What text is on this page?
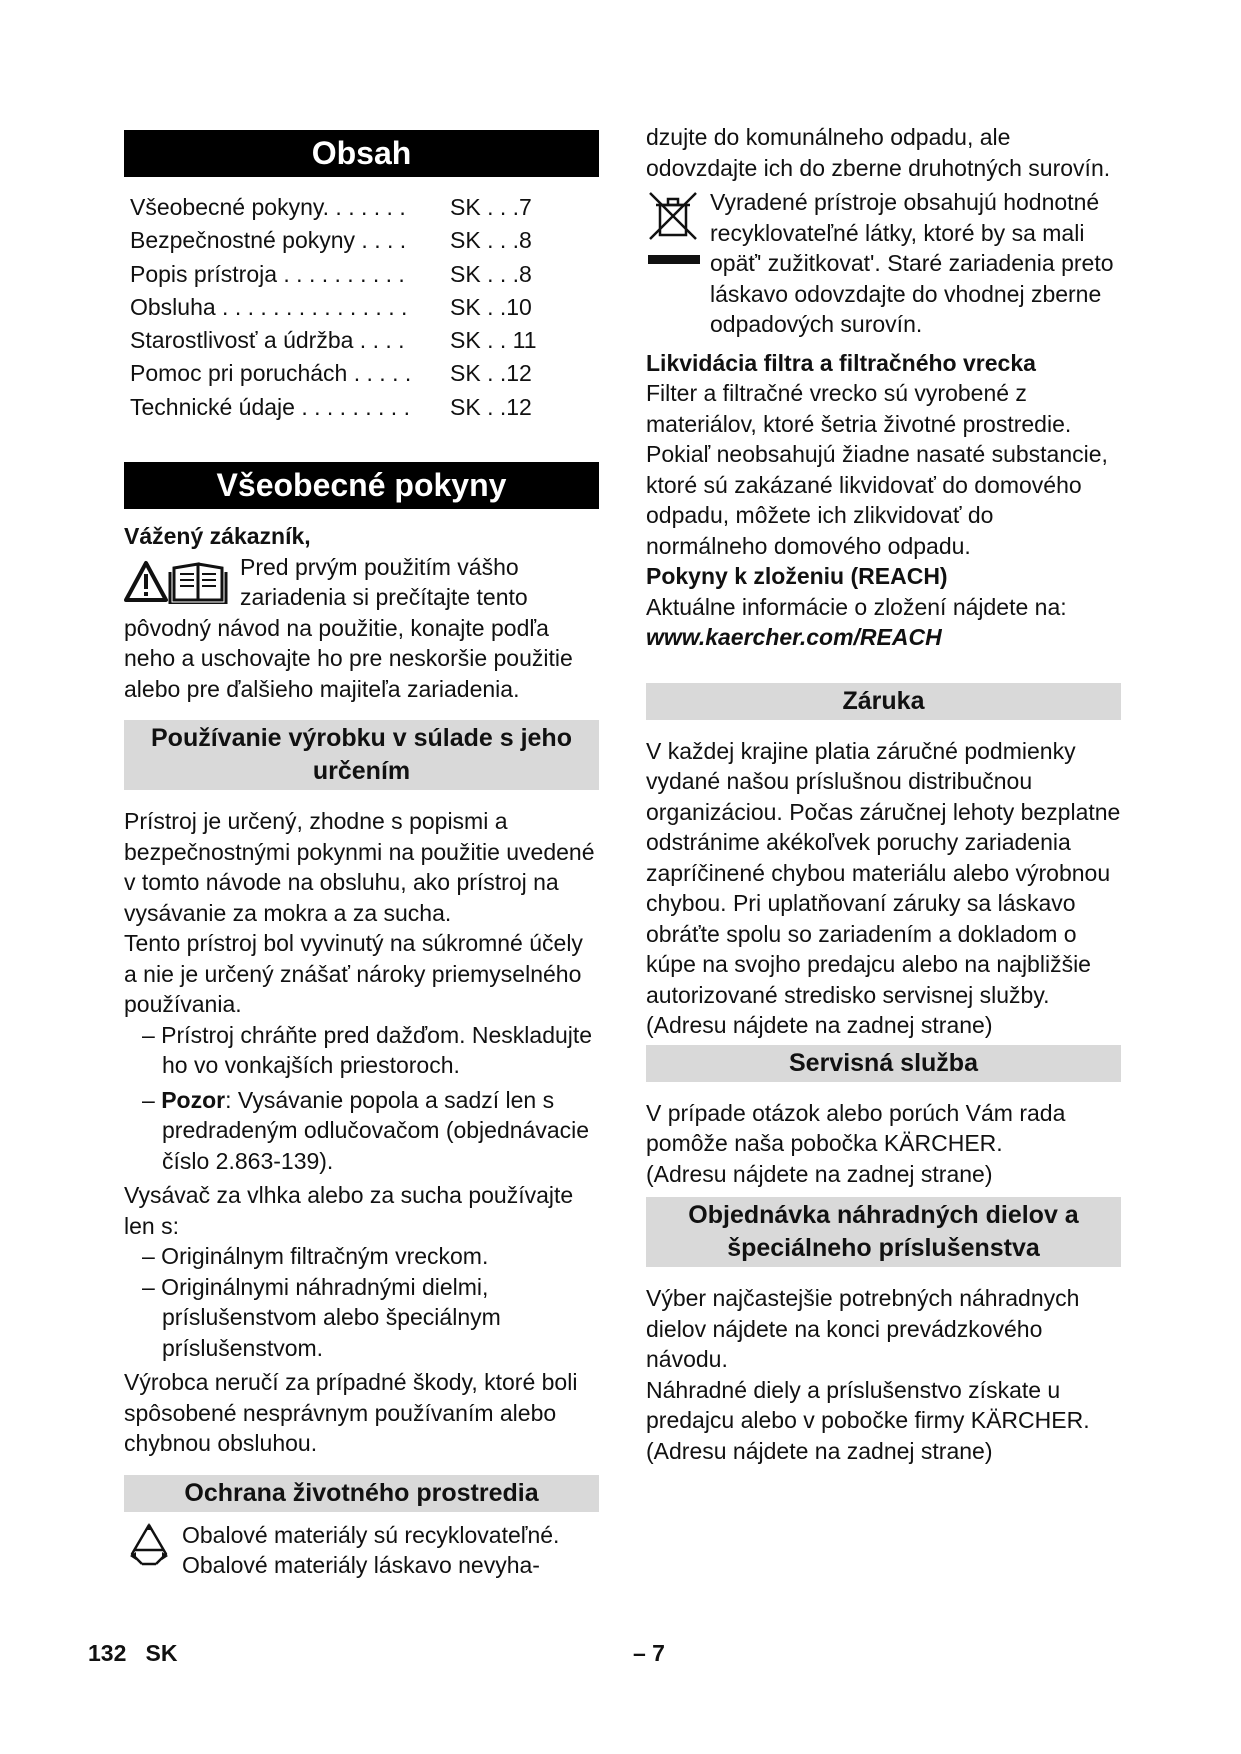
Obsah
Všeobecné pokyny. . . . . . .	SK . . .7
Bezpečnostné pokyny . . . .	SK . . .8
Popis prístroja . . . . . . . . . .	SK . . .8
Obsluha . . . . . . . . . . . . . . .	SK . .10
Starostlivosť a údržba . . . .	SK . . 11
Pomoc pri poruchách . . . . .	SK . .12
Technické údaje . . . . . . . . .	SK . .12
Všeobecné pokyny

Vážený zákazník,

Pred prvým použitím vášho zariadenia si prečítajte tento pôvodný návod na použitie, konajte podľa neho a uschovajte ho pre neskoršie použitie alebo pre ďalšieho majiteľa zariadenia.

Používanie výrobku v súlade s jeho určením

Prístroj je určený, zhodne s popismi a bezpečnostnými pokynmi na použitie uvedené v tomto návode na obsluhu, ako prístroj na vysávanie za mokra a za sucha.

Tento prístroj bol vyvinutý na súkromné účely a nie je určený znášať nároky priemyselného používania.

– Prístroj chráňte pred dažďom. Neskladujte ho vo vonkajších priestoroch.

– Pozor: Vysávanie popola a sadzí len s predradeným odlučovačom (objednávacie číslo 2.863-139).

Vysávač za vlhka alebo za sucha používajte len s:

– Originálnym filtračným vreckom.

– Originálnymi náhradnými dielmi, príslušenstvom alebo špeciálnym príslušenstvom.

Výrobca neručí za prípadné škody, ktoré boli spôsobené nesprávnym používaním alebo chybnou obsluhou.

Ochrana životného prostredia

Obalové materiály sú recyklovateľné. Obalové materiály láskavo nevyha-

dzujte do komunálneho odpadu, ale odovzdajte ich do zberne druhotných surovín.

Vyradené prístroje obsahujú hodnotné recyklovateľné látky, ktoré by sa mali opäť' zužitkovat'. Staré zariadenia preto láskavo odovzdajte do vhodnej zberne odpadových surovín.

Likvidácia filtra a filtračného vrecka

Filter a filtračné vrecko sú vyrobené z materiálov, ktoré šetria životné prostredie. Pokiaľ neobsahujú žiadne nasaté substancie, ktoré sú zakázané likvidovať do domového odpadu, môžete ich zlikvidovať do normálneho domového odpadu.

Pokyny k zloženiu (REACH)

Aktuálne informácie o zložení nájdete na:

www.kaercher.com/REACH

Záruka

V každej krajine platia záručné podmienky vydané našou príslušnou distribučnou organizáciou. Počas záručnej lehoty bezplatne odstránime akékoľvek poruchy zariadenia zapríčinené chybou materiálu alebo výrobnou chybou. Pri uplatňovaní záruky sa láskavo obráťte spolu so zariadením a dokladom o kúpe na svojho predajcu alebo na najbližšie autorizované stredisko servisnej služby.

(Adresu nájdete na zadnej strane)

Servisná služba

V prípade otázok alebo porúch Vám rada pomôže naša pobočka KÄRCHER.

(Adresu nájdete na zadnej strane)

Objednávka náhradných dielov a špeciálneho príslušenstva

Výber najčastejšie potrebných náhradnych dielov nájdete na konci prevádzkového návodu.

Náhradné diely a príslušenstvo získate u predajcu alebo v pobočke firmy KÄRCHER.

(Adresu nájdete na zadnej strane)

132 SK	– 7
